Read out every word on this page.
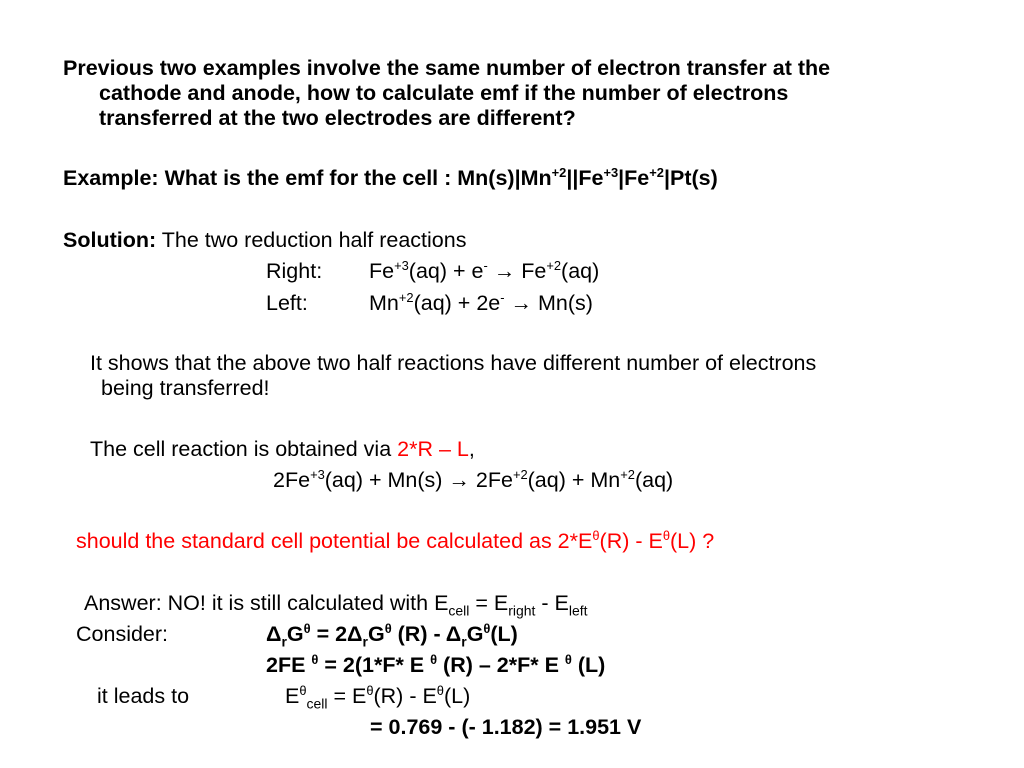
Previous two examples involve the same number of electron transfer at the
cathode and anode, how to calculate emf if the number of electrons
transferred at the two electrodes are different?
Example: What is the emf for the cell : $Mn(s)|Mn^{+2}||Fe^{+3}|Fe^{+2}|Pt(s)$
Solution: The two reduction half reactions
Right: $Fe^{+3}(aq) + e^- \to Fe^{+2}(aq)$
Left:	$Mn^{+2}(aq) + 2e^- \to Mn(s)$
It shows that the above two half reactions have different number of electrons
being transferred!
The cell reaction is obtained via 2*R – L,
$2Fe^{+3}(aq) + Mn(s) \to 2Fe^{+2}(aq) + Mn^{+2}(aq)$
should the standard cell potential be calculated as $2*E^\theta(R) - E^\theta(L)$ ?
Answer: NO! it is still calculated with $E_{cell} = E_{right} - E_{left}$
Consider:	$\Delta_rG^\theta = 2\Delta_rG^\theta$ $(R) - \Delta_rG^\theta(L)$
2FE $^\theta$ = 2(1*F* E $^\theta$ (R) – 2*F* E $^\theta$ (L)
it leads to	$E^\theta_{cell} = E^\theta(R) - E^\theta(L)$
= 0.769 - (- 1.182) = 1.951 V
